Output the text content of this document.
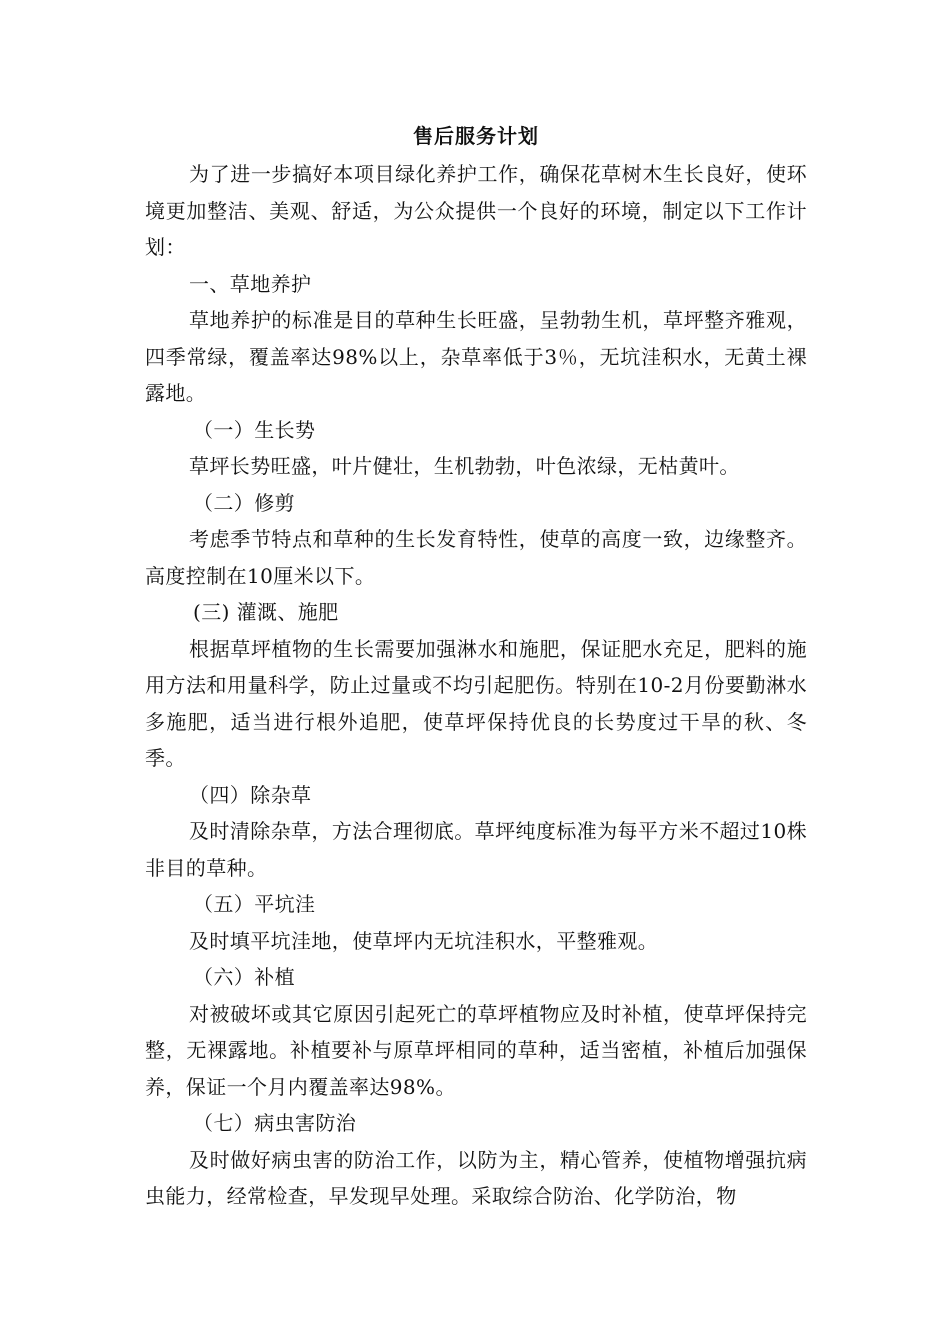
售后服务计划

为了进一步搞好本项目绿化养护工作，确保花草树木生长良好，使环境更加整洁、美观、舒适，为公众提供一个良好的环境，制定以下工作计划：

一、草地养护

草地养护的标准是目的草种生长旺盛，呈勃勃生机，草坪整齐雅观，四季常绿，覆盖率达98%以上，杂草率低于3％，无坑洼积水，无黄土裸露地。

（一）生长势

草坪长势旺盛，叶片健壮，生机勃勃，叶色浓绿，无枯黄叶。

（二）修剪

考虑季节特点和草种的生长发育特性，使草的高度一致，边缘整齐。高度控制在10厘米以下。

(三) 灌溉、施肥

根据草坪植物的生长需要加强淋水和施肥，保证肥水充足，肥料的施用方法和用量科学，防止过量或不均引起肥伤。特别在10-2月份要勤淋水多施肥，适当进行根外追肥，使草坪保持优良的长势度过干旱的秋、冬季。

（四）除杂草

及时清除杂草，方法合理彻底。草坪纯度标准为每平方米不超过10株非目的草种。

（五）平坑洼

及时填平坑洼地，使草坪内无坑洼积水，平整雅观。

（六）补植

对被破坏或其它原因引起死亡的草坪植物应及时补植，使草坪保持完整，无裸露地。补植要补与原草坪相同的草种，适当密植，补植后加强保养，保证一个月内覆盖率达98%。

（七）病虫害防治

及时做好病虫害的防治工作，以防为主，精心管养，使植物增强抗病虫能力，经常检查，早发现早处理。采取综合防治、化学防治，物
